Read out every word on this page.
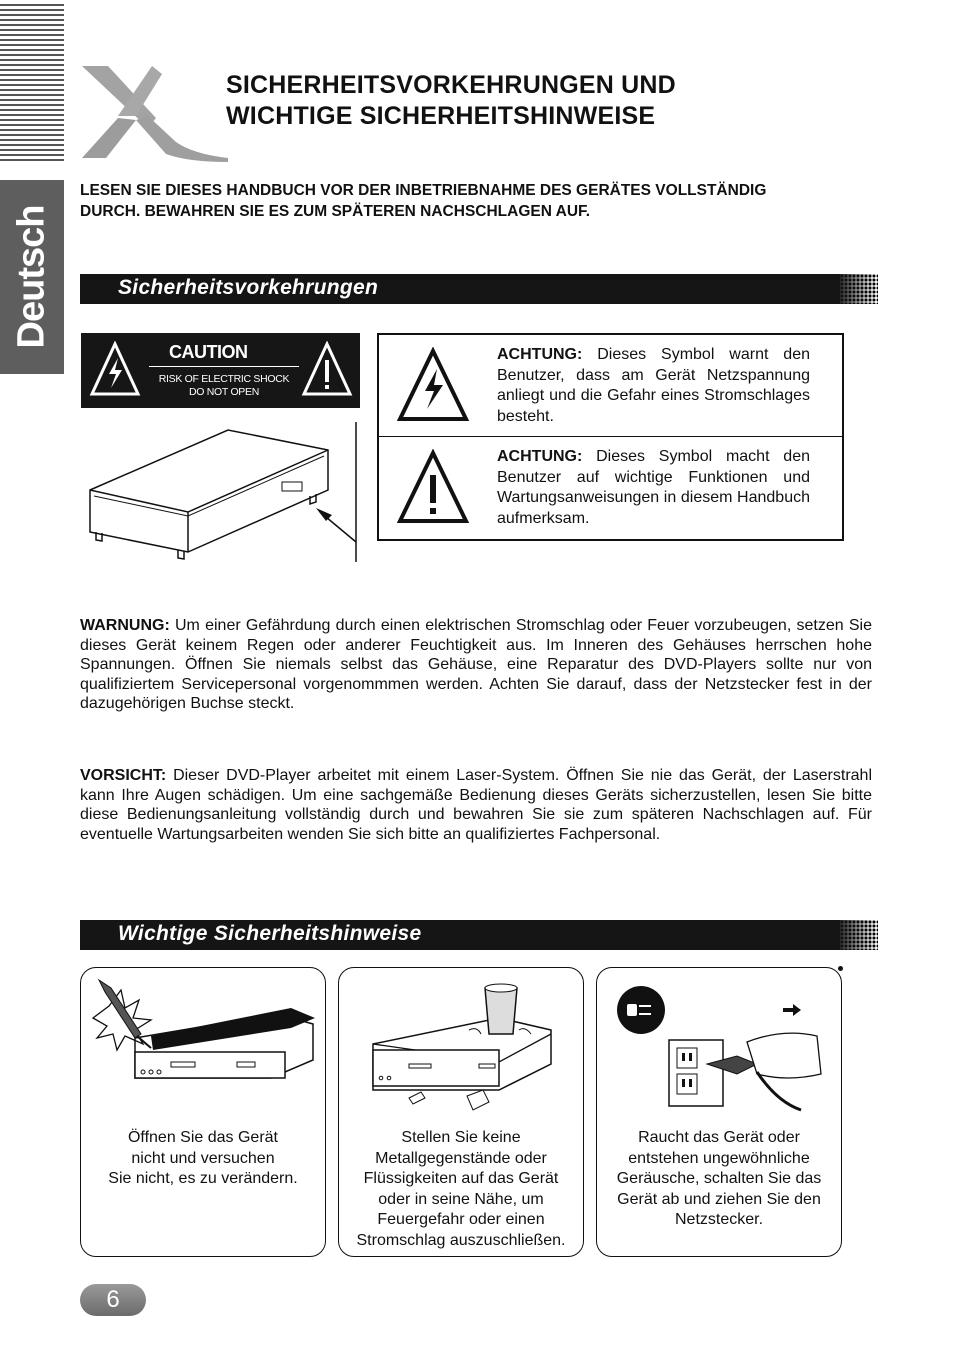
Deutsch
SICHERHEITSVORKEHRUNGEN UND
WICHTIGE SICHERHEITSHINWEISE
LESEN SIE DIESES HANDBUCH VOR DER INBETRIEBNAHME DES GERÄTES VOLLSTÄNDIG
DURCH. BEWAHREN SIE ES ZUM SPÄTEREN NACHSCHLAGEN AUF.
Sicherheitsvorkehrungen
CAUTION
RISK OF ELECTRIC SHOCK
DO NOT OPEN

ACHTUNG: Dieses Symbol warnt den Benutzer, dass am Gerät Netzspannung anliegt und die Gefahr eines Stromschlages besteht.

ACHTUNG: Dieses Symbol macht den Benutzer auf wichtige Funktionen und Wartungsanweisungen in diesem Handbuch aufmerksam.

WARNUNG: Um einer Gefährdung durch einen elektrischen Stromschlag oder Feuer vorzubeugen, setzen Sie dieses Gerät keinem Regen oder anderer Feuchtigkeit aus. Im Inneren des Gehäuses herrschen hohe Spannungen. Öffnen Sie niemals selbst das Gehäuse, eine Reparatur des DVD-Players sollte nur von qualifiziertem Servicepersonal vorgenommmen werden. Achten Sie darauf, dass der Netzstecker fest in der dazugehörigen Buchse steckt.

VORSICHT: Dieser DVD-Player arbeitet mit einem Laser-System. Öffnen Sie nie das Gerät, der Laserstrahl kann Ihre Augen schädigen. Um eine sachgemäße Bedienung dieses Geräts sicherzustellen, lesen Sie bitte diese Bedienungsanleitung vollständig durch und bewahren Sie sie zum späteren Nachschlagen auf. Für eventuelle Wartungsarbeiten wenden Sie sich bitte an qualifiziertes Fachpersonal.

Wichtige Sicherheitshinweise
Öffnen Sie das Gerät
nicht und versuchen
Sie nicht, es zu verändern.
Stellen Sie keine
Metallgegenstände oder
Flüssigkeiten auf das Gerät
oder in seine Nähe, um
Feuergefahr oder einen
Stromschlag auszuschließen.
Raucht das Gerät oder
entstehen ungewöhnliche
Geräusche, schalten Sie das
Gerät ab und ziehen Sie den
Netzstecker.
6
